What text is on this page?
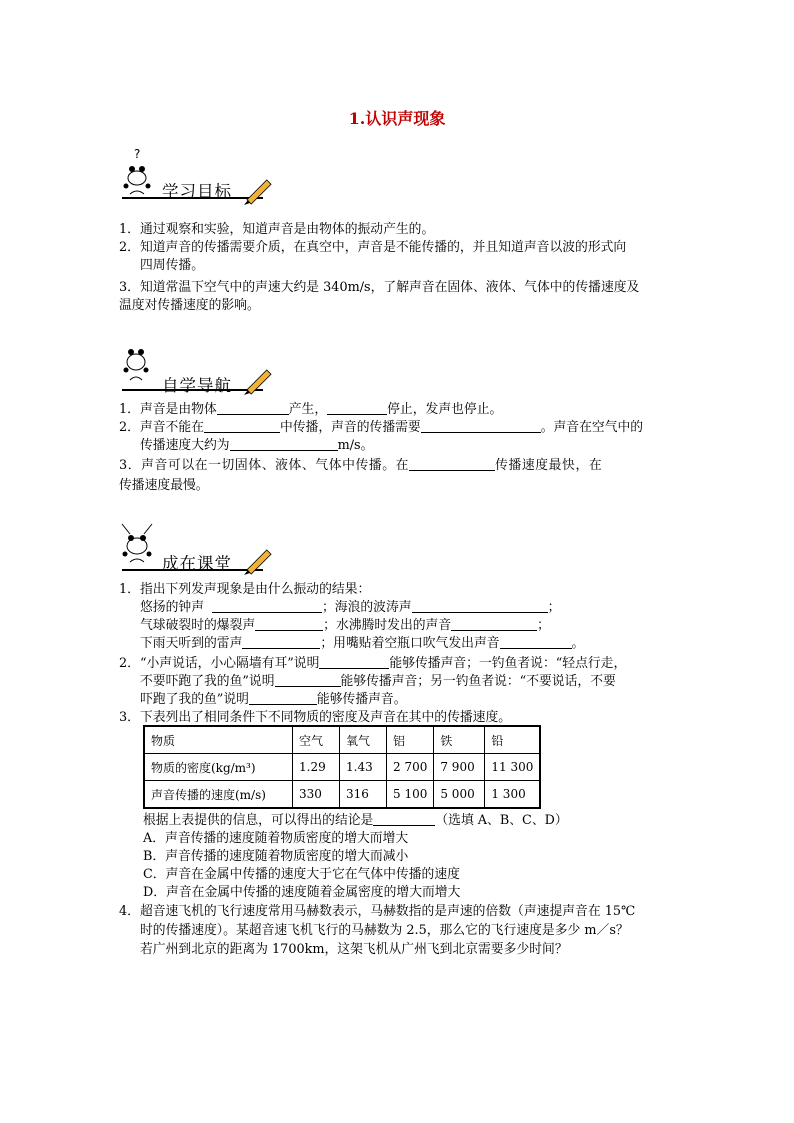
1.认识声现象
?
学习目标
1．通过观察和实验，知道声音是由物体的振动产生的。
2．知道声音的传播需要介质，在真空中，声音是不能传播的，并且知道声音以波的形式向
四周传播。
3．知道常温下空气中的声速大约是 340m/s，了解声音在固体、液体、气体中的传播速度及
温度对传播速度的影响。
自学导航
1．声音是由物体	产生，	停止，发声也停止。
2．声音不能在	中传播，声音的传播需要	。声音在空气中的
传播速度大约为	m/s。
3．声音可以在一切固体、液体、气体中传播。在	传播速度最快，在
传播速度最慢。
成在课堂
1．指出下列发声现象是由什么振动的结果：
悠扬的钟声	；海浪的波涛声	；
气球破裂时的爆裂声	；水沸腾时发出的声音	；
下雨天听到的雷声	；用嘴贴着空瓶口吹气发出声音	。
2．“小声说话，小心隔墙有耳”说明	能够传播声音；一钓鱼者说：“轻点行走，
不要吓跑了我的鱼”说明	能够传播声音；另一钓鱼者说：“不要说话，不要
吓跑了我的鱼”说明	能够传播声音。
3．下表列出了相同条件下不同物质的密度及声音在其中的传播速度。
物质	空气	氧气	铝	铁	铅
物质的密度(kg/m³)	1.29	1.43	2 700	7 900	11 300
声音传播的速度(m/s)	330	316	5 100	5 000	1 300
根据上表提供的信息，可以得出的结论是	（选填 A、B、C、D）
A．声音传播的速度随着物质密度的增大而增大
B．声音传播的速度随着物质密度的增大而减小
C．声音在金属中传播的速度大于它在气体中传播的速度
D．声音在金属中传播的速度随着金属密度的增大而增大
4．超音速飞机的飞行速度常用马赫数表示，马赫数指的是声速的倍数（声速提声音在 15℃
时的传播速度）。某超音速飞机飞行的马赫数为 2.5，那么它的飞行速度是多少 m／s？
若广州到北京的距离为 1700km，这架飞机从广州飞到北京需要多少时间？
